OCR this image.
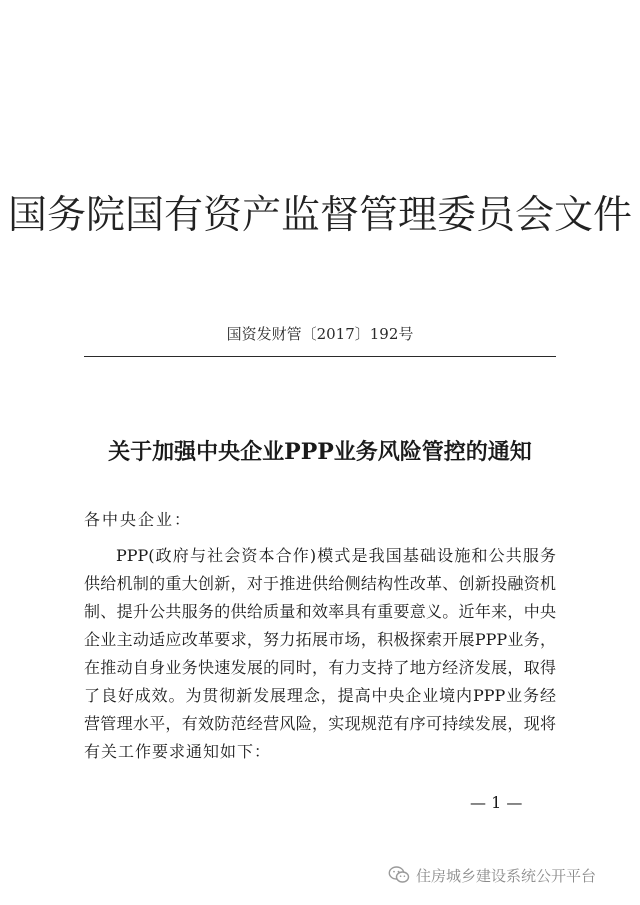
国务院国有资产监督管理委员会文件
国资发财管〔2017〕192号
关于加强中央企业PPP业务风险管控的通知
各中央企业：
PPP(政府与社会资本合作)模式是我国基础设施和公共服务
供给机制的重大创新，对于推进供给侧结构性改革、创新投融资机
制、提升公共服务的供给质量和效率具有重要意义。近年来，中央
企业主动适应改革要求，努力拓展市场，积极探索开展PPP业务，
在推动自身业务快速发展的同时，有力支持了地方经济发展，取得
了良好成效。为贯彻新发展理念，提高中央企业境内PPP业务经
营管理水平，有效防范经营风险，实现规范有序可持续发展，现将
有关工作要求通知如下：
— 1 —
住房城乡建设系统公开平台
